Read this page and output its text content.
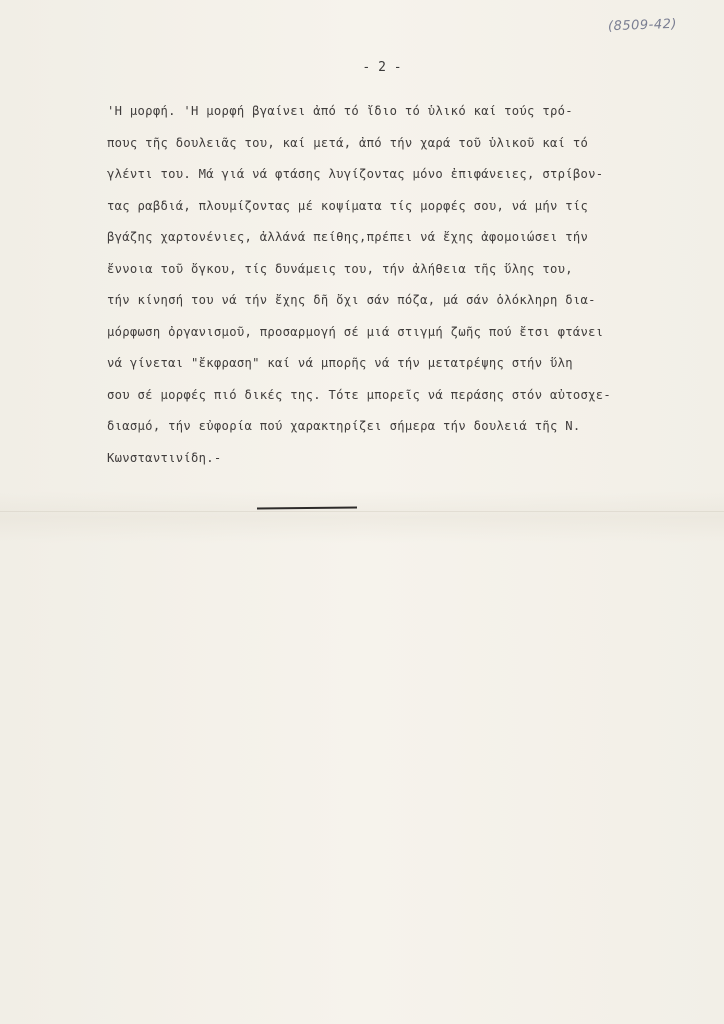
(8509-42)
- 2 -
'Η μορφή. 'Η μορφή βγαίνει ἀπό τό ἴδιο τό ὑλικό καί τούς τρό-
πους τῆς δουλειᾶς του, καί μετά, ἀπό τήν χαρά τοῦ ὑλικοῦ καί τό
γλέντι του. Μά γιά νά φτάσης λυγίζοντας μόνο ἐπιφάνειες, στρίβον-
τας ραβδιά, πλουμίζοντας μέ κοψίματα τίς μορφές σου, νά μήν τίς
βγάζης χαρτονένιες, ἀλλάνά πείθης,πρέπει νά ἔχης ἀφομοιώσει τήν
ἔννοια τοῦ ὄγκου, τίς δυνάμεις του, τήν ἀλήθεια τῆς ὕλης του,
τήν κίνησή του νά τήν ἔχης δῆ ὄχι σάν πόζα, μά σάν ὁλόκληρη δια-
μόρφωση ὀργανισμοῦ, προσαρμογή σέ μιά στιγμή ζωῆς πού ἔτσι φτάνει
νά γίνεται "ἔκφραση" καί νά μπορῆς νά τήν μετατρέψης στήν ὕλη
σου σέ μορφές πιό δικές της. Τότε μπορεῖς νά περάσης στόν αὐτοσχε-
διασμό, τήν εὐφορία πού χαρακτηρίζει σήμερα τήν δουλειά τῆς Ν.
Κωνσταντινίδη.-
